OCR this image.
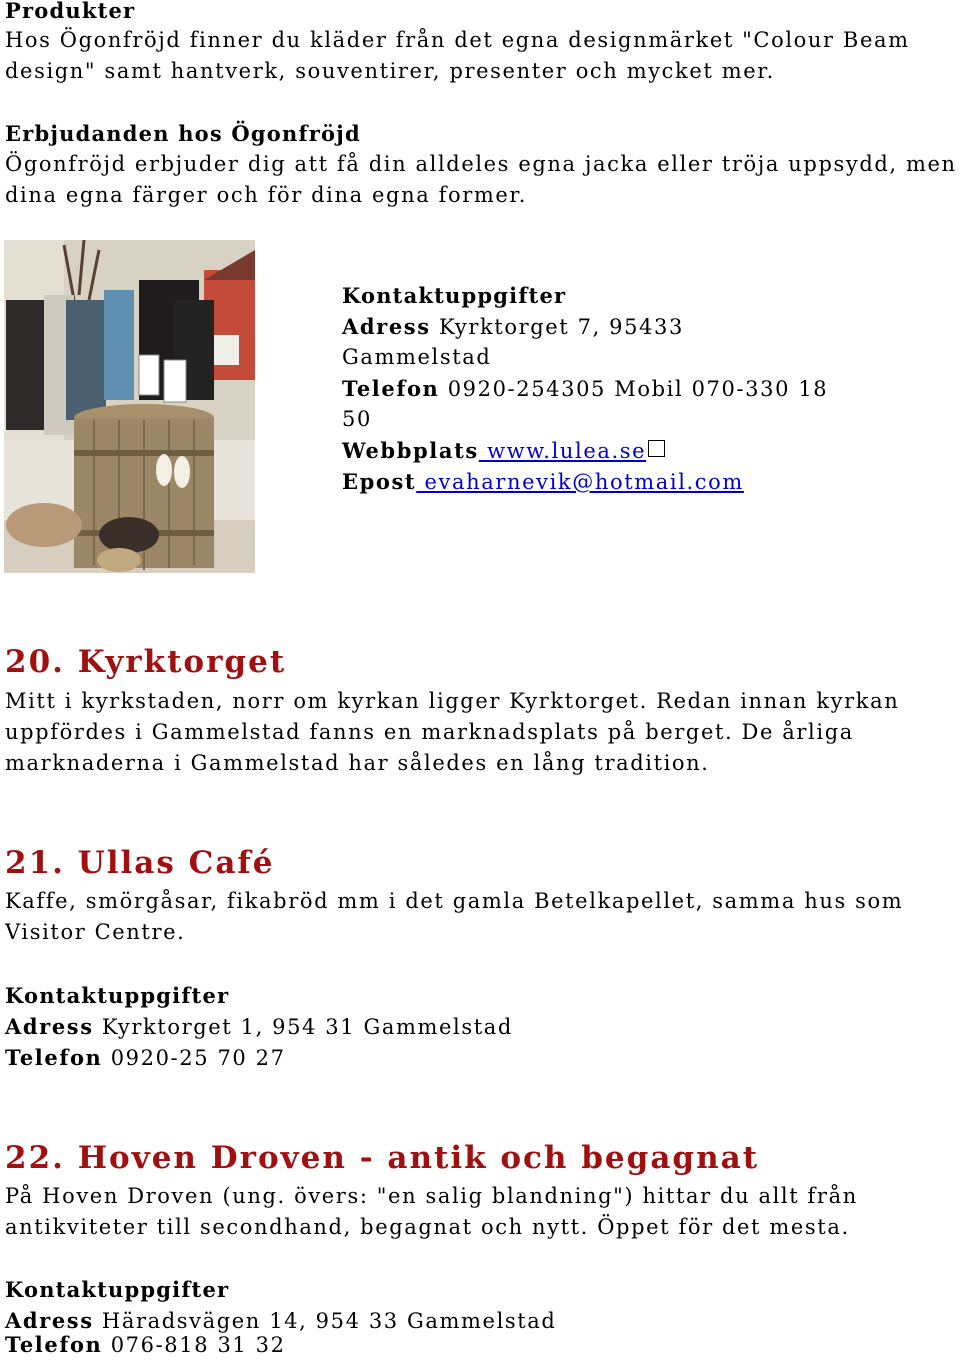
Produkter
Hos Ögonfröjd finner du kläder från det egna designmärket "Colour Beam
design" samt hantverk, souventirer, presenter och mycket mer.
Erbjudanden hos Ögonfröjd
Ögonfröjd erbjuder dig att få din alldeles egna jacka eller tröja uppsydd, men
dina egna färger och för dina egna former.
Kontaktuppgifter
Adress Kyrktorget 7, 95433
Gammelstad
Telefon 0920-254305 Mobil 070-330 18
50
Webbplats www.lulea.se
Epost evaharnevik@hotmail.com
20. Kyrktorget
Mitt i kyrkstaden, norr om kyrkan ligger Kyrktorget. Redan innan kyrkan
uppfördes i Gammelstad fanns en marknadsplats på berget. De årliga
marknaderna i Gammelstad har således en lång tradition.
21. Ullas Café
Kaffe, smörgåsar, fikabröd mm i det gamla Betelkapellet, samma hus som
Visitor Centre.
Kontaktuppgifter
Adress Kyrktorget 1, 954 31 Gammelstad
Telefon 0920-25 70 27
22. Hoven Droven - antik och begagnat
På Hoven Droven (ung. övers: "en salig blandning") hittar du allt från
antikviteter till secondhand, begagnat och nytt. Öppet för det mesta.
Kontaktuppgifter
Adress Häradsvägen 14, 954 33 Gammelstad
Telefon 076-818 31 32
